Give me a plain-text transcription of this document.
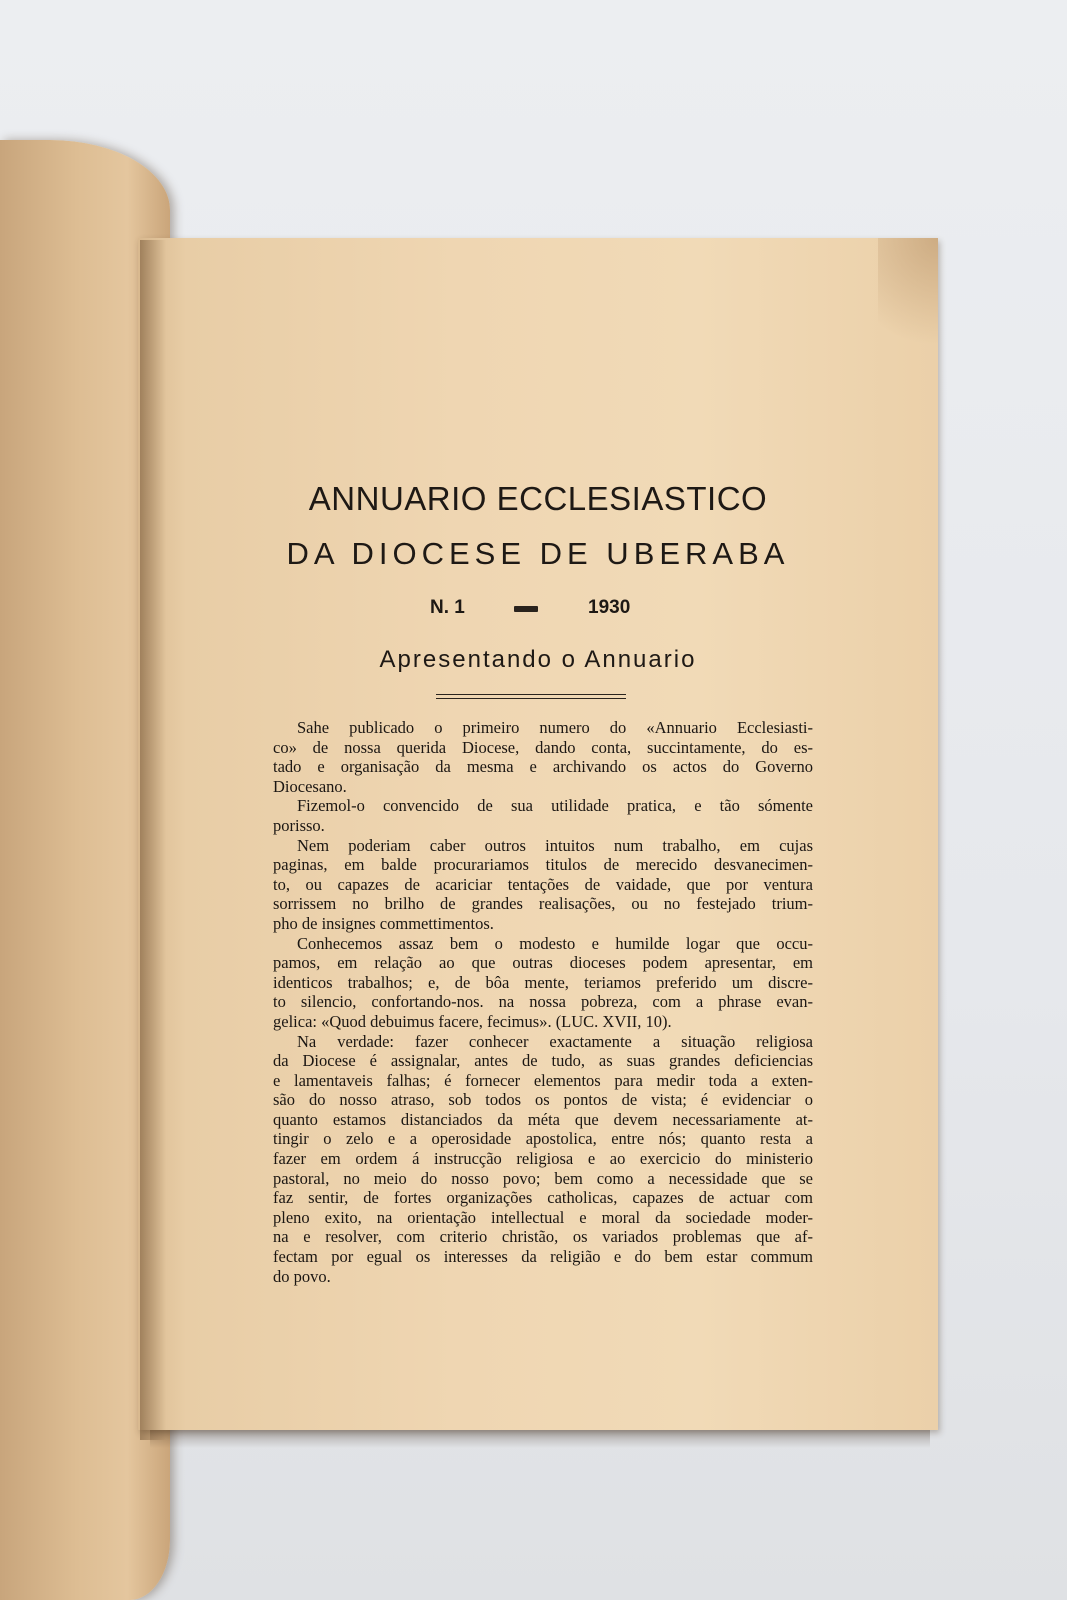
ANNUARIO ECCLESIASTICO
DA DIOCESE DE UBERABA
N. 1	1930
Apresentando o Annuario

Sahe publicado o primeiro numero do «Annuario Ecclesiasti-
co» de nossa querida Diocese, dando conta, succintamente, do es-
tado e organisação da mesma e archivando os actos do Governo
Diocesano.

Fizemol-o convencido de sua utilidade pratica, e tão sómente
porisso.

Nem poderiam caber outros intuitos num trabalho, em cujas
paginas, em balde procurariamos titulos de merecido desvanecimen-
to, ou capazes de acariciar tentações de vaidade, que por ventura
sorrissem no brilho de grandes realisações, ou no festejado trium-
pho de insignes commettimentos.

Conhecemos assaz bem o modesto e humilde logar que occu-
pamos, em relação ao que outras dioceses podem apresentar, em
identicos trabalhos; e, de bôa mente, teriamos preferido um discre-
to silencio, confortando-nos. na nossa pobreza, com a phrase evan-
gelica: «Quod debuimus facere, fecimus». (LUC. XVII, 10).

Na verdade: fazer conhecer exactamente a situação religiosa
da Diocese é assignalar, antes de tudo, as suas grandes deficiencias
e lamentaveis falhas; é fornecer elementos para medir toda a exten-
são do nosso atraso, sob todos os pontos de vista; é evidenciar o
quanto estamos distanciados da méta que devem necessariamente at-
tingir o zelo e a operosidade apostolica, entre nós; quanto resta a
fazer em ordem á instrucção religiosa e ao exercicio do ministerio
pastoral, no meio do nosso povo; bem como a necessidade que se
faz sentir, de fortes organizações catholicas, capazes de actuar com
pleno exito, na orientação intellectual e moral da sociedade moder-
na e resolver, com criterio christão, os variados problemas que af-
fectam por egual os interesses da religião e do bem estar commum
do povo.
